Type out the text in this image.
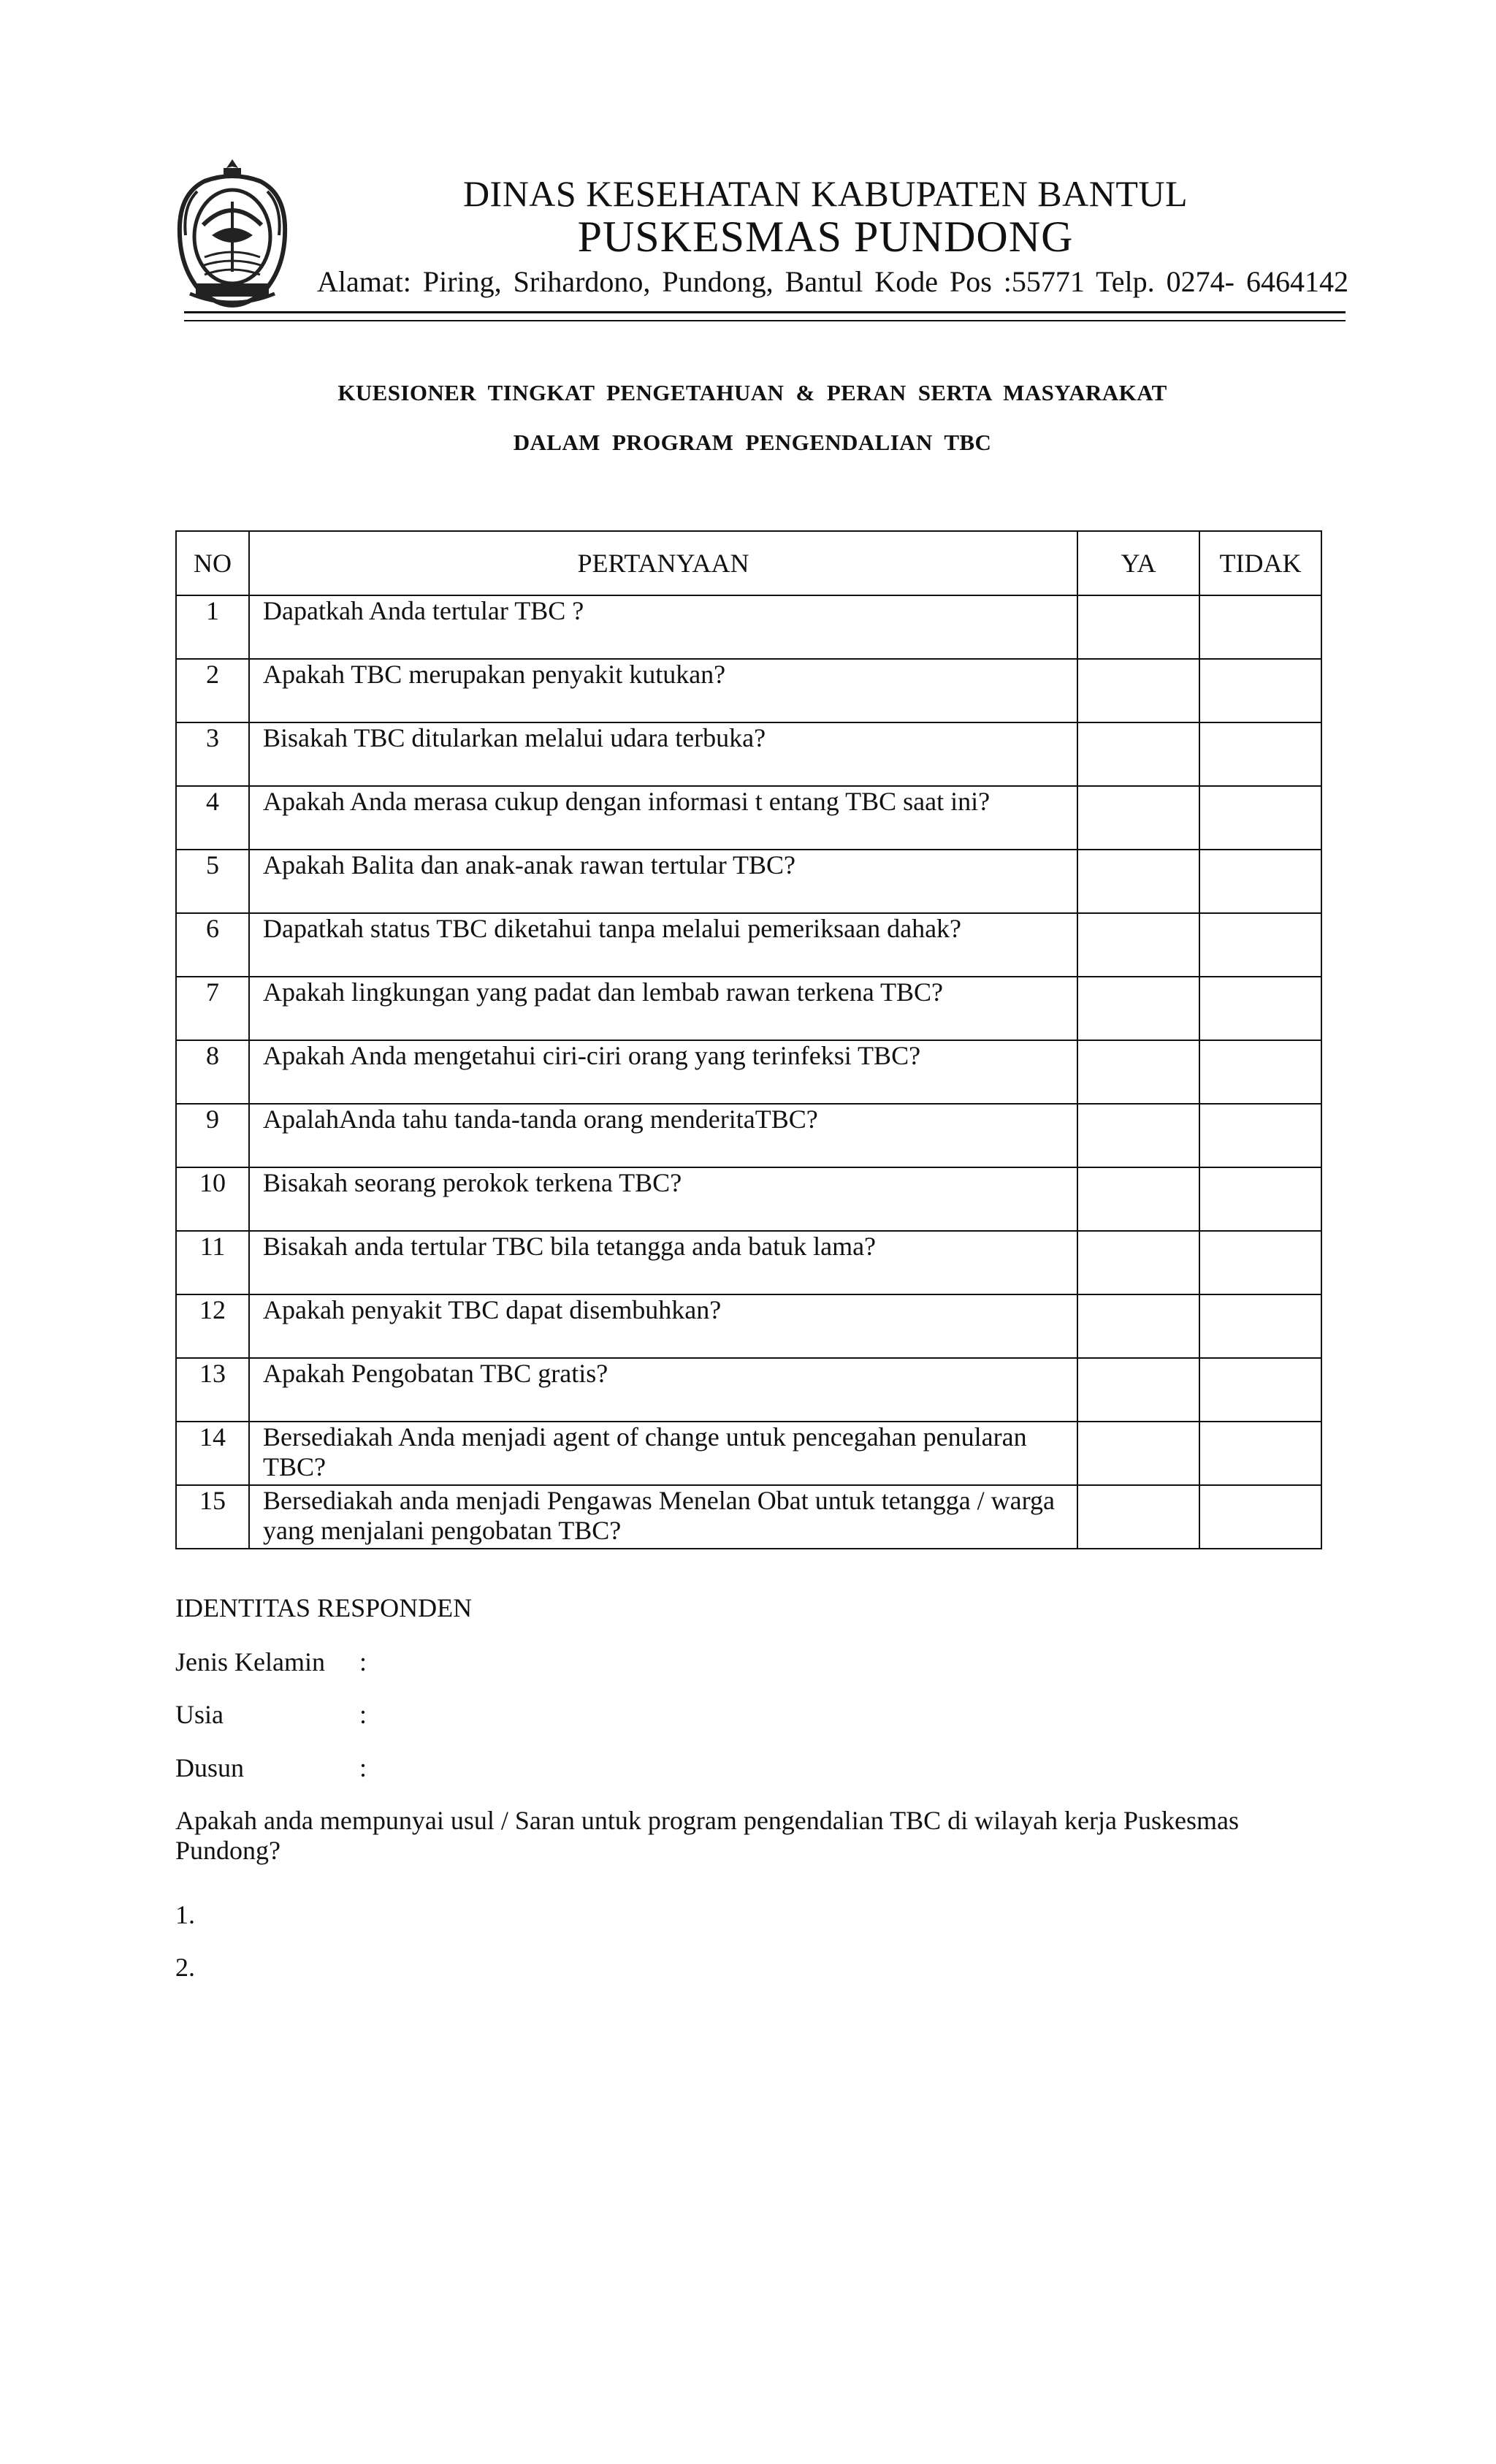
DINAS KESEHATAN KABUPATEN BANTUL
PUSKESMAS PUNDONG
Alamat: Piring, Srihardono, Pundong, Bantul Kode Pos :55771 Telp. 0274- 6464142
KUESIONER TINGKAT PENGETAHUAN & PERAN SERTA MASYARAKAT
DALAM PROGRAM PENGENDALIAN TBC
NO	PERTANYAAN	YA	TIDAK
1	Dapatkah Anda tertular TBC ?		
2	Apakah TBC merupakan penyakit kutukan?		
3	Bisakah TBC ditularkan melalui udara terbuka?		
4	Apakah Anda merasa cukup dengan informasi t entang TBC saat ini?		
5	Apakah Balita dan anak-anak rawan tertular TBC?		
6	Dapatkah status TBC diketahui tanpa melalui pemeriksaan dahak?		
7	Apakah lingkungan yang padat dan lembab rawan terkena TBC?		
8	Apakah Anda mengetahui ciri-ciri orang yang terinfeksi TBC?		
9	ApalahAnda tahu tanda-tanda orang menderitaTBC?		
10	Bisakah seorang perokok terkena TBC?		
11	Bisakah anda tertular TBC bila tetangga anda batuk lama?		
12	Apakah penyakit TBC dapat disembuhkan?		
13	Apakah Pengobatan TBC gratis?		
14	Bersediakah Anda menjadi agent of change untuk pencegahan penularan TBC?		
15	Bersediakah anda menjadi Pengawas Menelan Obat untuk tetangga / warga yang menjalani pengobatan TBC?		
IDENTITAS RESPONDEN
Jenis Kelamin :
Usia	:
Dusun	:
Apakah anda mempunyai usul / Saran untuk program pengendalian TBC di wilayah kerja Puskesmas Pundong?
1.
2.
